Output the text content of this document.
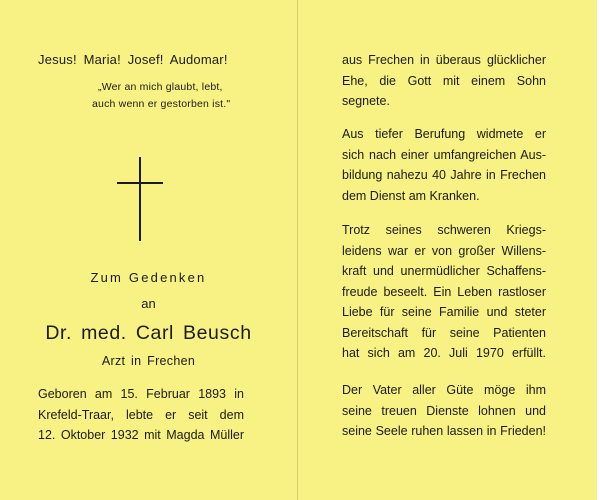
Jesus! Maria! Josef! Audomar!
„Wer an mich glaubt, lebt,
auch wenn er gestorben ist."
Zum Gedenken
an
Dr. med. Carl Beusch
Arzt in Frechen
Geboren am 15. Februar 1893 in
Krefeld-Traar, lebte er seit dem
12. Oktober 1932 mit Magda Müller
aus Frechen in überaus glücklicher
Ehe, die Gott mit einem Sohn
segnete.
Aus tiefer Berufung widmete er
sich nach einer umfangreichen Aus-
bildung nahezu 40 Jahre in Frechen
dem Dienst am Kranken.
Trotz seines schweren Kriegs-
leidens war er von großer Willens-
kraft und unermüdlicher Schaffens-
freude beseelt. Ein Leben rastloser
Liebe für seine Familie und steter
Bereitschaft für seine Patienten
hat sich am 20. Juli 1970 erfüllt.
Der Vater aller Güte möge ihm
seine treuen Dienste lohnen und
seine Seele ruhen lassen in Frieden!
